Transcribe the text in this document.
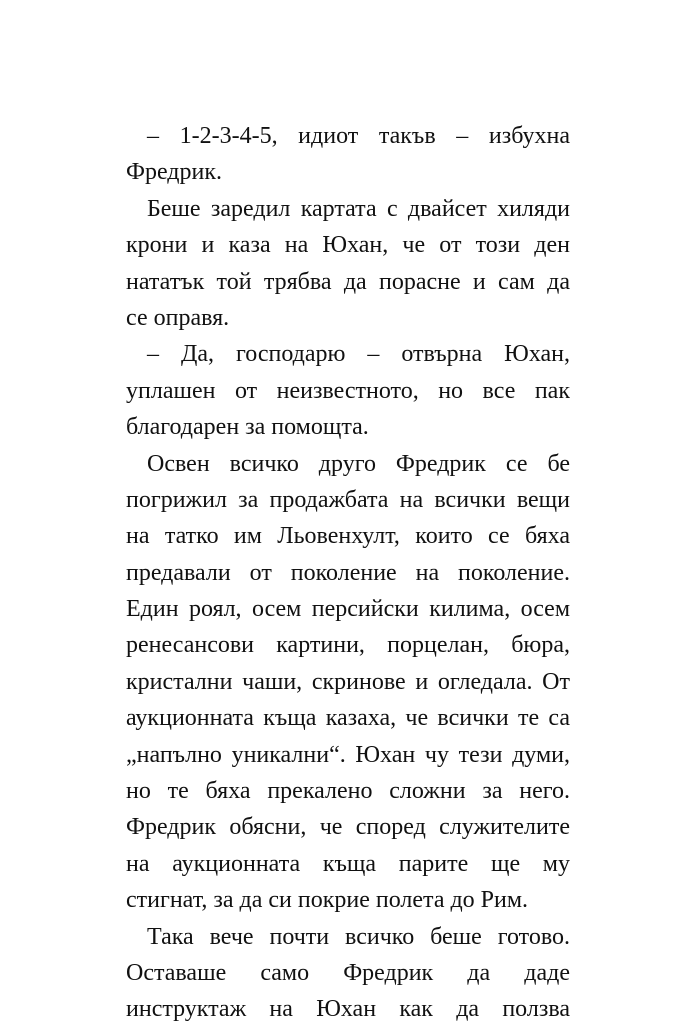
– 1-2-3-4-5, идиот такъв – избухна
Фредрик.
Беше заредил картата с двайсет хиляди
крони и каза на Юхан, че от този ден
нататък той трябва да порасне и сам да
се оправя.
– Да, господарю – отвърна Юхан,
уплашен от неизвестното, но все пак
благодарен за помощта.
Освен всичко друго Фредрик се бе
погрижил за продажбата на всички вещи
на татко им Льовенхулт, които се бяха
предавали от поколение на поколение.
Един роял, осем персийски килима, осем
ренесансови картини, порцелан, бюра,
кристални чаши, скринове и огледала. От
аукционната къща казаха, че всички те са
„напълно уникални“. Юхан чу тези думи,
но те бяха прекалено сложни за него.
Фредрик обясни, че според служителите
на аукционната къща парите ще му
стигнат, за да си покрие полета до Рим.
Така вече почти всичко беше готово.
Оставаше само Фредрик да даде
инструктаж на Юхан как да ползва
